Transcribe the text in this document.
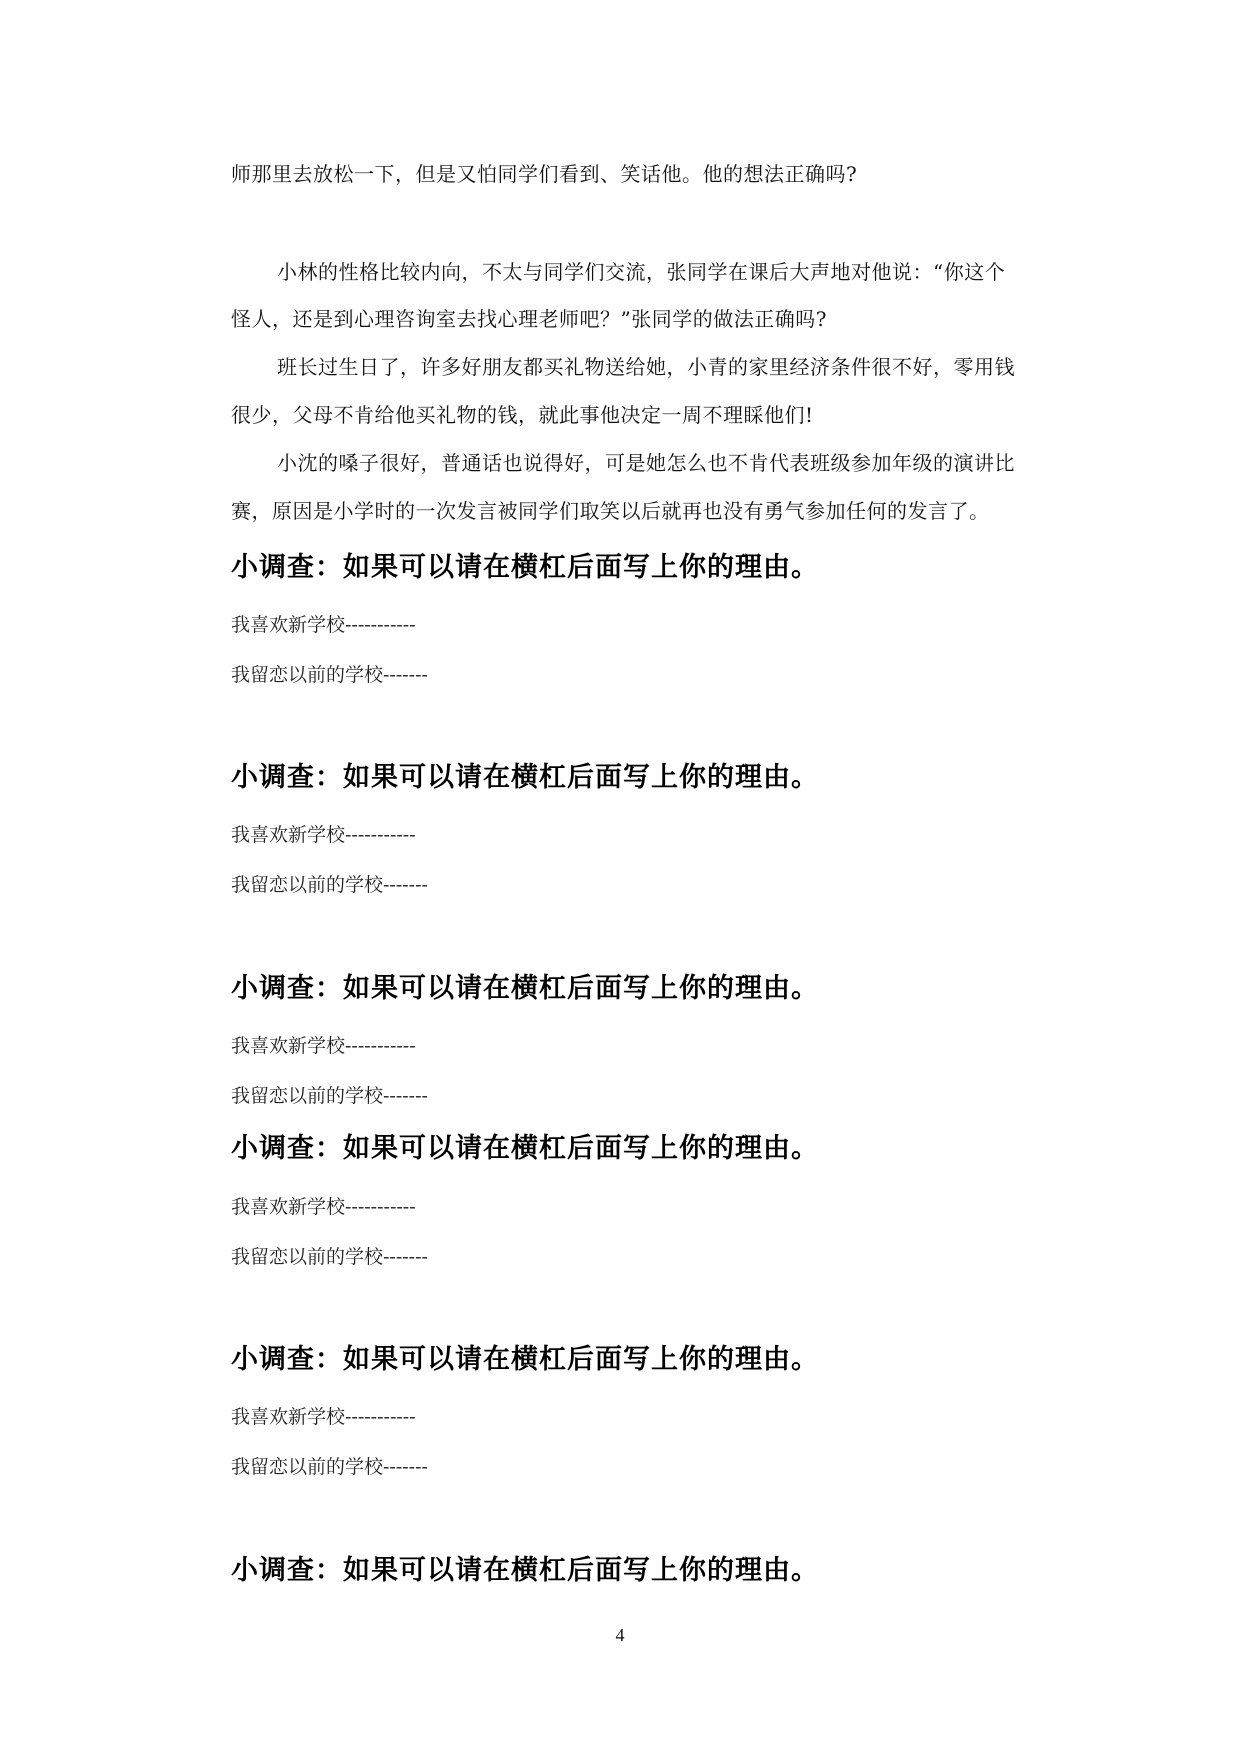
师那里去放松一下，但是又怕同学们看到、笑话他。他的想法正确吗?
小林的性格比较内向，不太与同学们交流，张同学在课后大声地对他说：“你这个
怪人，还是到心理咨询室去找心理老师吧？”张同学的做法正确吗?
班长过生日了，许多好朋友都买礼物送给她，小青的家里经济条件很不好，零用钱
很少，父母不肯给他买礼物的钱，就此事他决定一周不理睬他们!
小沈的嗓子很好，普通话也说得好，可是她怎么也不肯代表班级参加年级的演讲比
赛，原因是小学时的一次发言被同学们取笑以后就再也没有勇气参加任何的发言了。
小调查：如果可以请在横杠后面写上你的理由。
我喜欢新学校-----------
我留恋以前的学校-------
小调查：如果可以请在横杠后面写上你的理由。
我喜欢新学校-----------
我留恋以前的学校-------
小调查：如果可以请在横杠后面写上你的理由。
我喜欢新学校-----------
我留恋以前的学校-------
小调查：如果可以请在横杠后面写上你的理由。
我喜欢新学校-----------
我留恋以前的学校-------
小调查：如果可以请在横杠后面写上你的理由。
我喜欢新学校-----------
我留恋以前的学校-------
小调查：如果可以请在横杠后面写上你的理由。
4
